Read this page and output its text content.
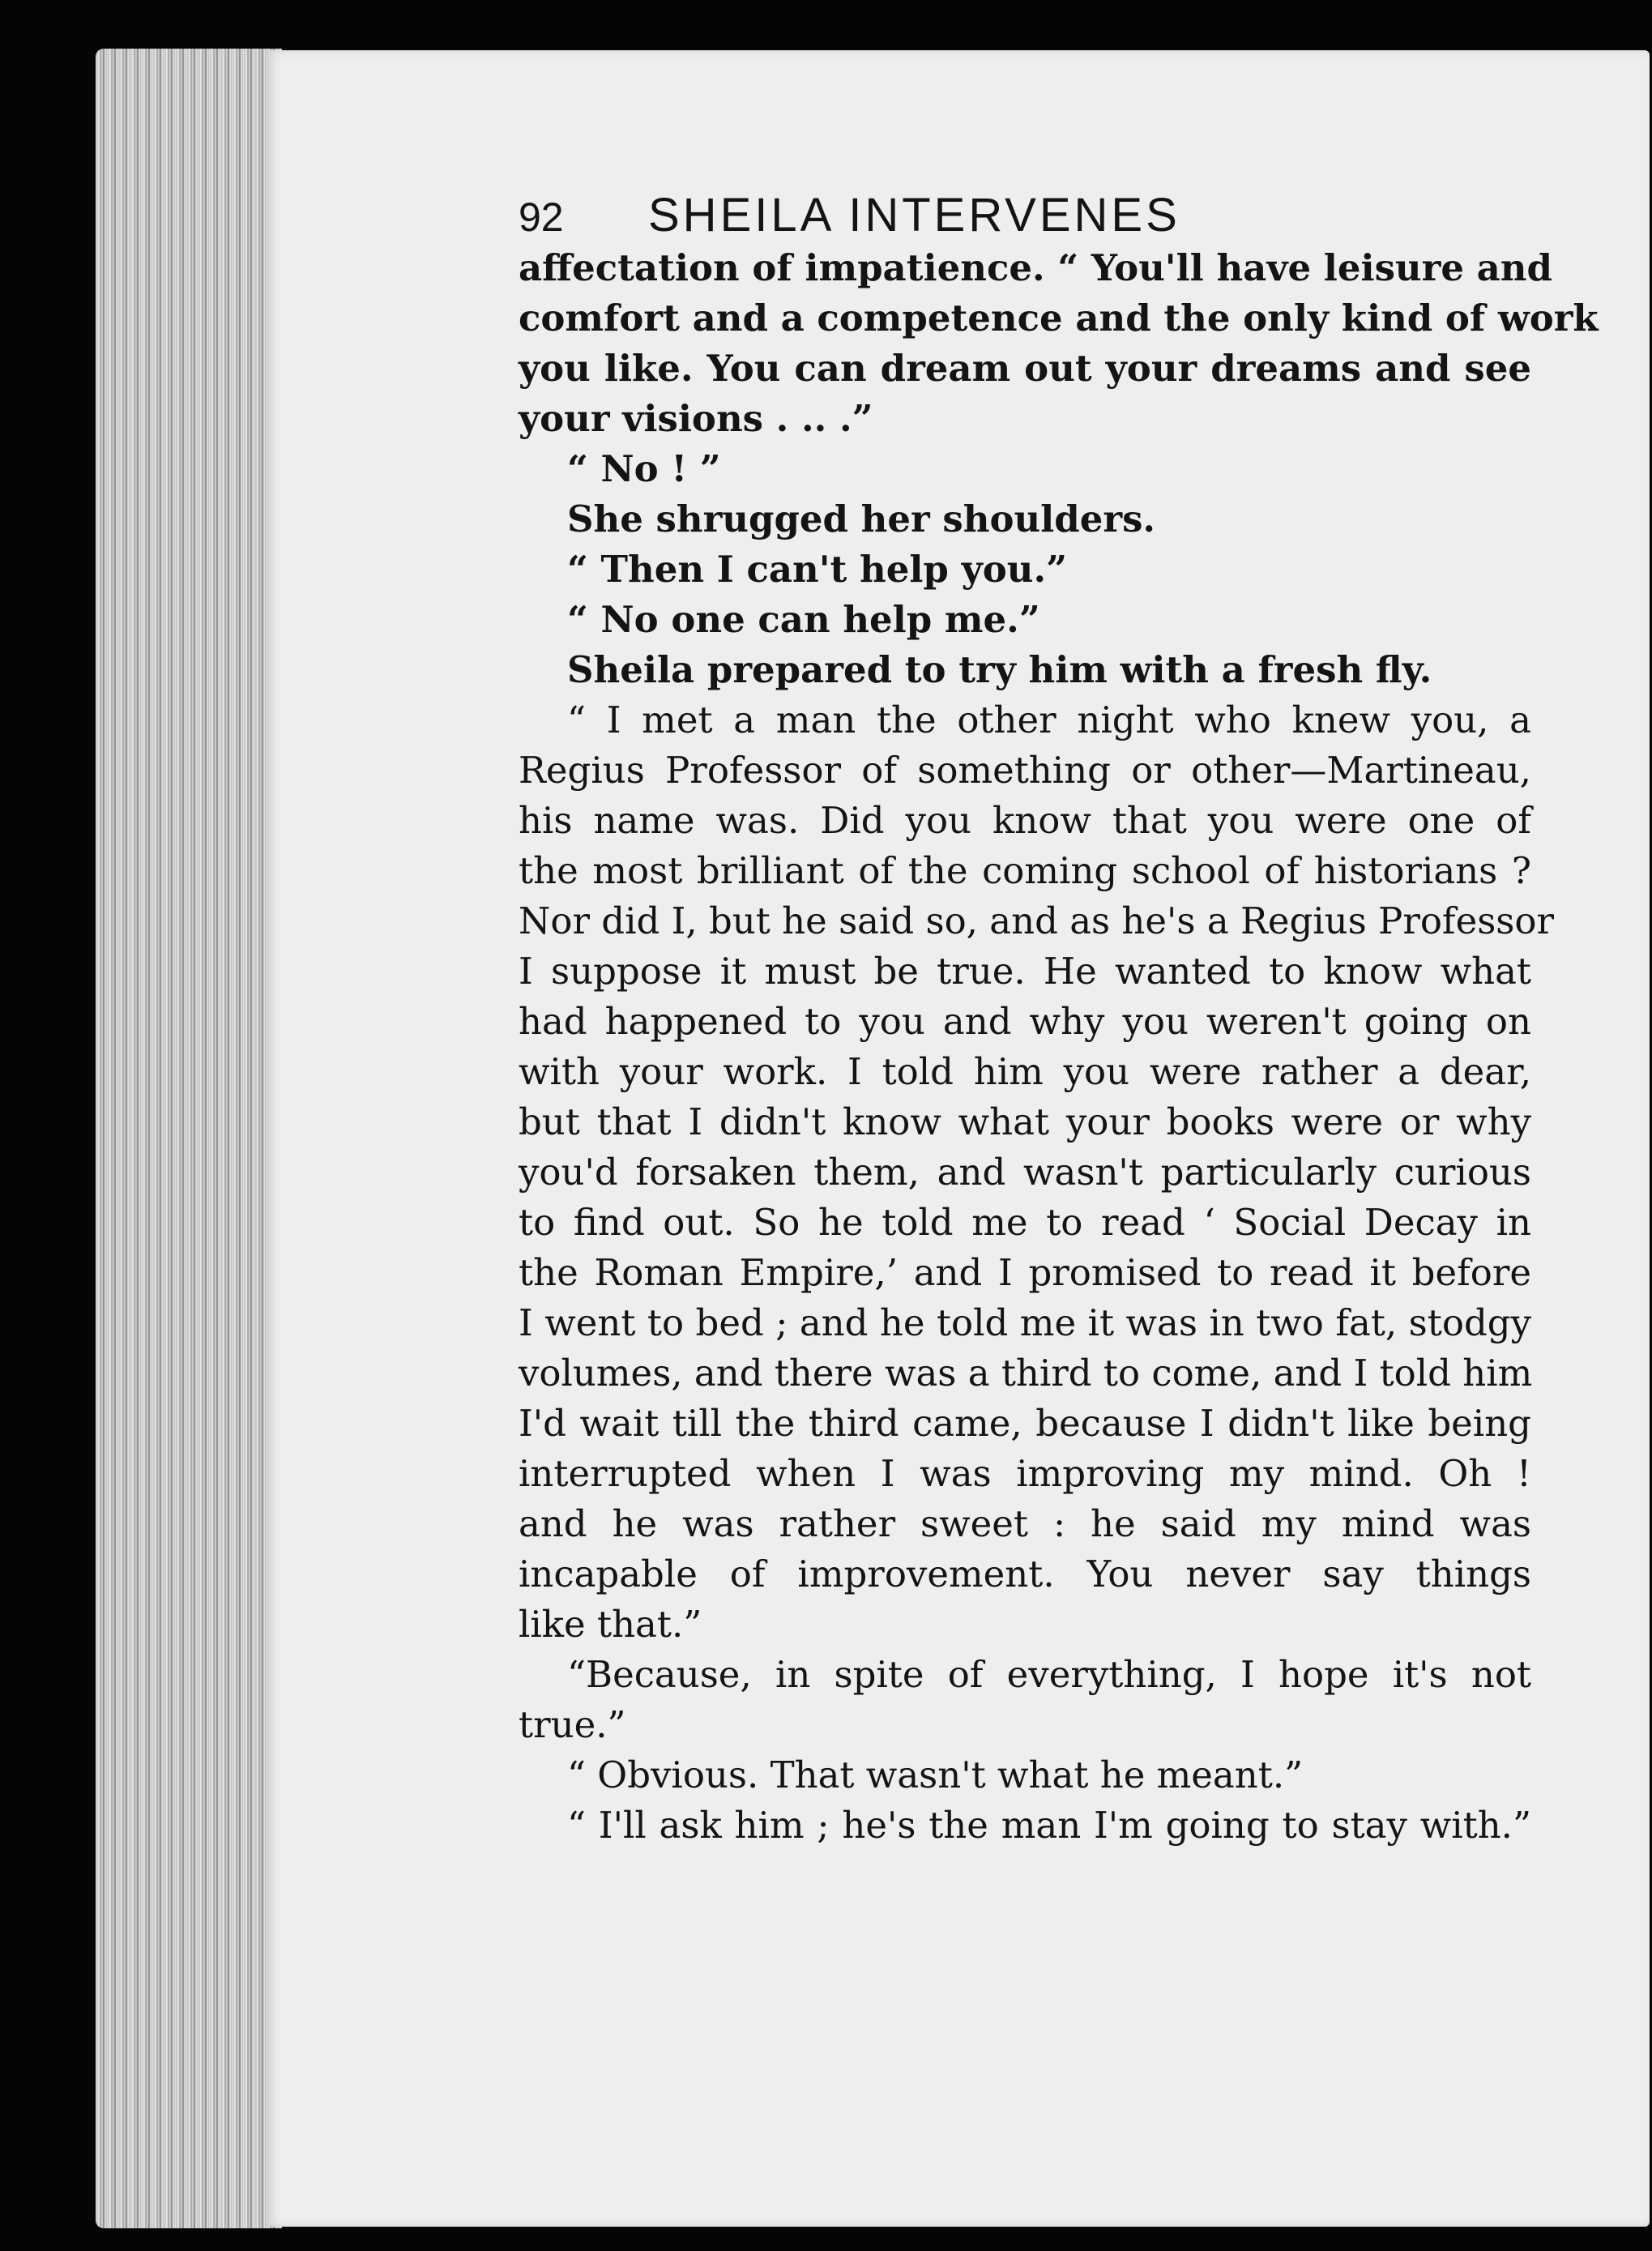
92	SHEILA INTERVENES
affectation of impatience. “ You'll have leisure and
comfort and a competence and the only kind of work
you like. You can dream out your dreams and see
your visions . .. .”
“ No ! ”
She shrugged her shoulders.
“ Then I can't help you.”
“ No one can help me.”
Sheila prepared to try him with a fresh fly.
“ I met a man the other night who knew you, a
Regius Professor of something or other—Martineau,
his name was. Did you know that you were one of
the most brilliant of the coming school of historians ?
Nor did I, but he said so, and as he's a Regius Professor
I suppose it must be true. He wanted to know what
had happened to you and why you weren't going on
with your work. I told him you were rather a dear,
but that I didn't know what your books were or why
you'd forsaken them, and wasn't particularly curious
to find out. So he told me to read ‘ Social Decay in
the Roman Empire,’ and I promised to read it before
I went to bed ; and he told me it was in two fat, stodgy
volumes, and there was a third to come, and I told him
I'd wait till the third came, because I didn't like being
interrupted when I was improving my mind. Oh !
and he was rather sweet : he said my mind was
incapable of improvement. You never say things
like that.”
“Because, in spite of everything, I hope it's not
true.”
“ Obvious. That wasn't what he meant.”
“ I'll ask him ; he's the man I'm going to stay with.”
